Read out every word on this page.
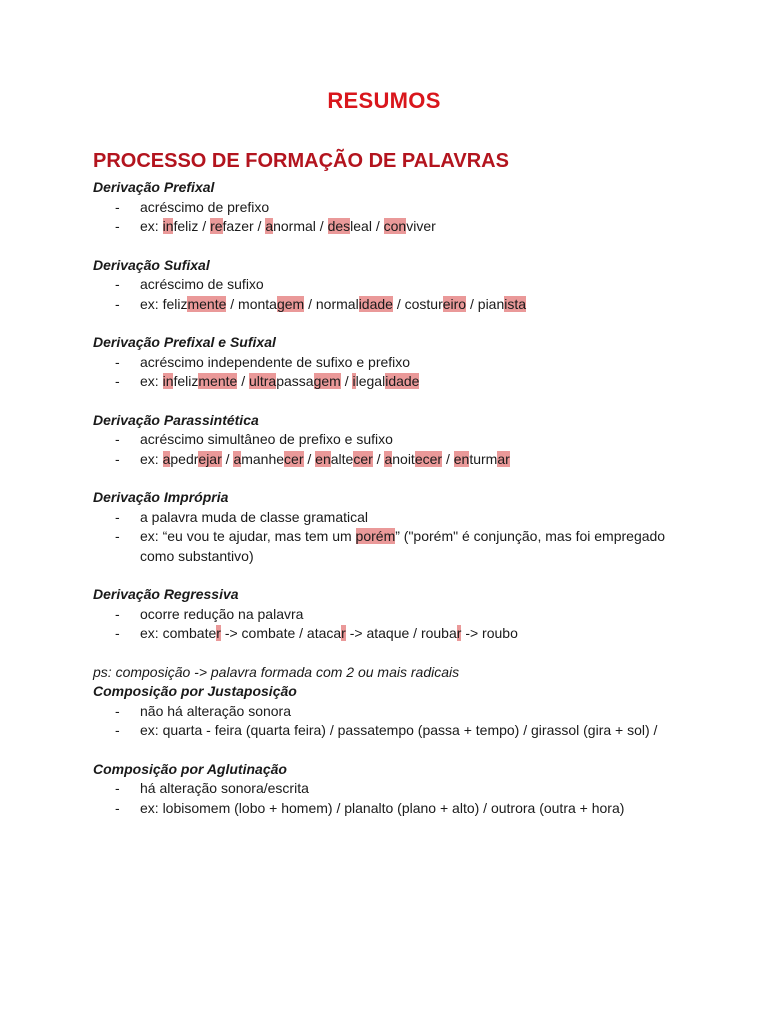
RESUMOS
PROCESSO DE FORMAÇÃO DE PALAVRAS
Derivação Prefixal
- acréscimo de prefixo
- ex: infeliz / refazer / anormal / desleal / conviver
Derivação Sufixal
- acréscimo de sufixo
- ex: felizmente / montagem / normalidade / costureiro / pianista
Derivação Prefixal e Sufixal
- acréscimo independente de sufixo e prefixo
- ex: infelizmente / ultrapassagem / ilegalidade
Derivação Parassintética
- acréscimo simultâneo de prefixo e sufixo
- ex: apedrejar / amanhecer / enaltecer / anoitecer / enturmar
Derivação Imprópria
- a palavra muda de classe gramatical
- ex: “eu vou te ajudar, mas tem um porém” ("porém" é conjunção, mas foi empregado como substantivo)
Derivação Regressiva
- ocorre redução na palavra
- ex: combater -> combate / atacar -> ataque / roubar -> roubo
ps: composição -> palavra formada com 2 ou mais radicais
Composição por Justaposição
- não há alteração sonora
- ex: quarta - feira (quarta feira) / passatempo (passa + tempo) / girassol (gira + sol) /
Composição por Aglutinação
- há alteração sonora/escrita
- ex: lobisomem (lobo + homem) / planalto (plano + alto) / outrora (outra + hora)
